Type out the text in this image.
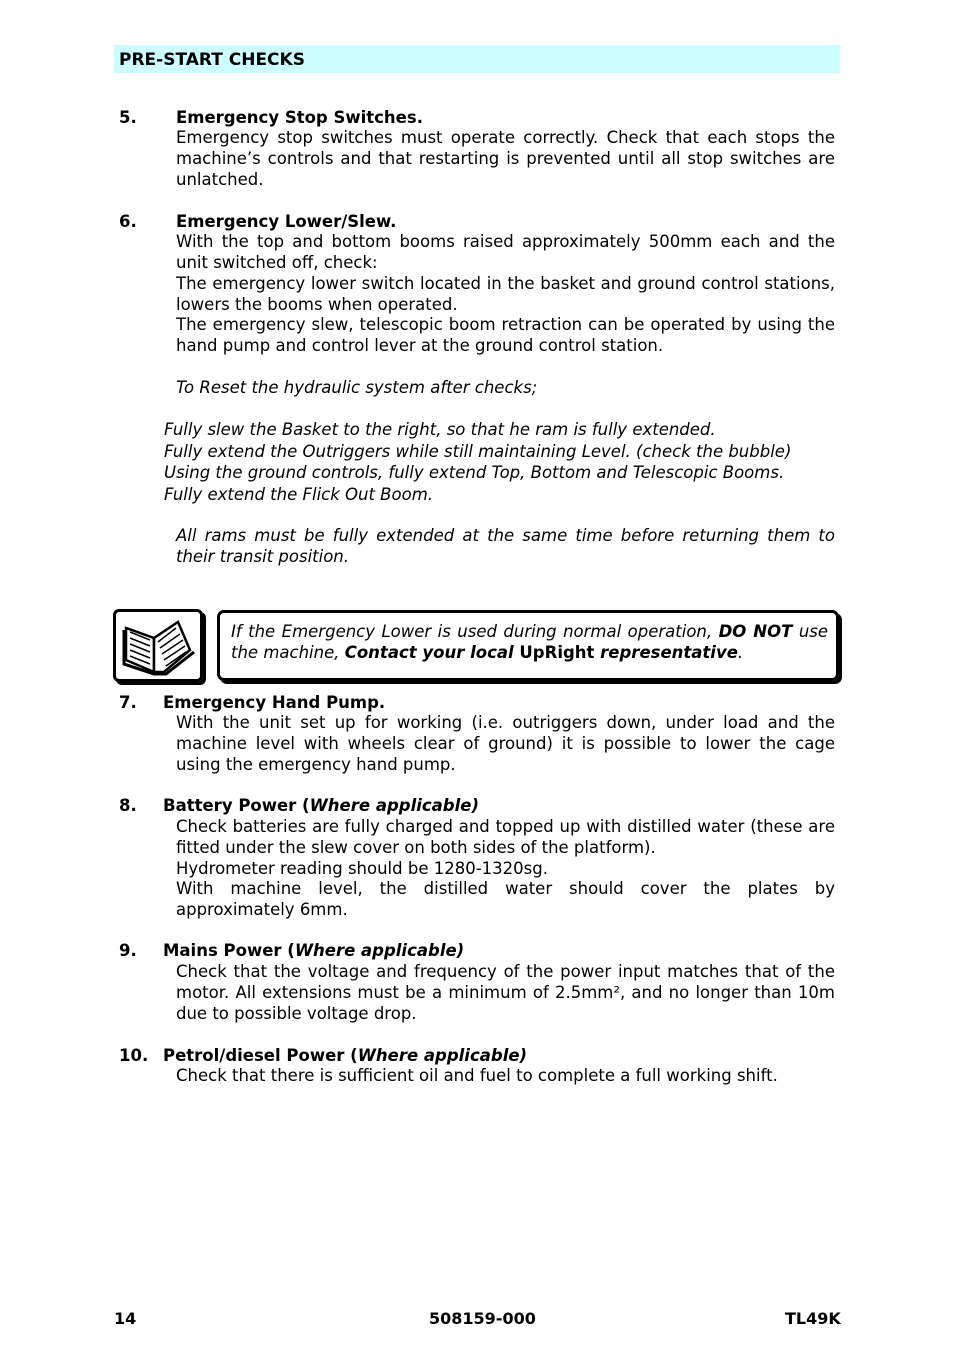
PRE-START CHECKS
5. Emergency Stop Switches.
Emergency stop switches must operate correctly. Check that each stops the machine’s controls and that restarting is prevented until all stop switches are unlatched.
6. Emergency Lower/Slew.
With the top and bottom booms raised approximately 500mm each and the unit switched off, check:
The emergency lower switch located in the basket and ground control stations, lowers the booms when operated.
The emergency slew, telescopic boom retraction can be operated by using the hand pump and control lever at the ground control station.
To Reset the hydraulic system after checks;
Fully slew the Basket to the right, so that he ram is fully extended.
Fully extend the Outriggers while still maintaining Level. (check the bubble)
Using the ground controls, fully extend Top, Bottom and Telescopic Booms.
Fully extend the Flick Out Boom.
All rams must be fully extended at the same time before returning them to their transit position.

If the Emergency Lower is used during normal operation, DO NOT use the machine, Contact your local UpRight representative.

7. Emergency Hand Pump.
With the unit set up for working (i.e. outriggers down, under load and the machine level with wheels clear of ground) it is possible to lower the cage using the emergency hand pump.
8. Battery Power (Where applicable)
Check batteries are fully charged and topped up with distilled water (these are fitted under the slew cover on both sides of the platform).
Hydrometer reading should be 1280-1320sg.
With machine level, the distilled water should cover the plates by approximately 6mm.
9. Mains Power (Where applicable)
Check that the voltage and frequency of the power input matches that of the motor. All extensions must be a minimum of 2.5mm², and no longer than 10m due to possible voltage drop.
10. Petrol/diesel Power (Where applicable)
Check that there is sufficient oil and fuel to complete a full working shift.
14	508159-000	TL49K
